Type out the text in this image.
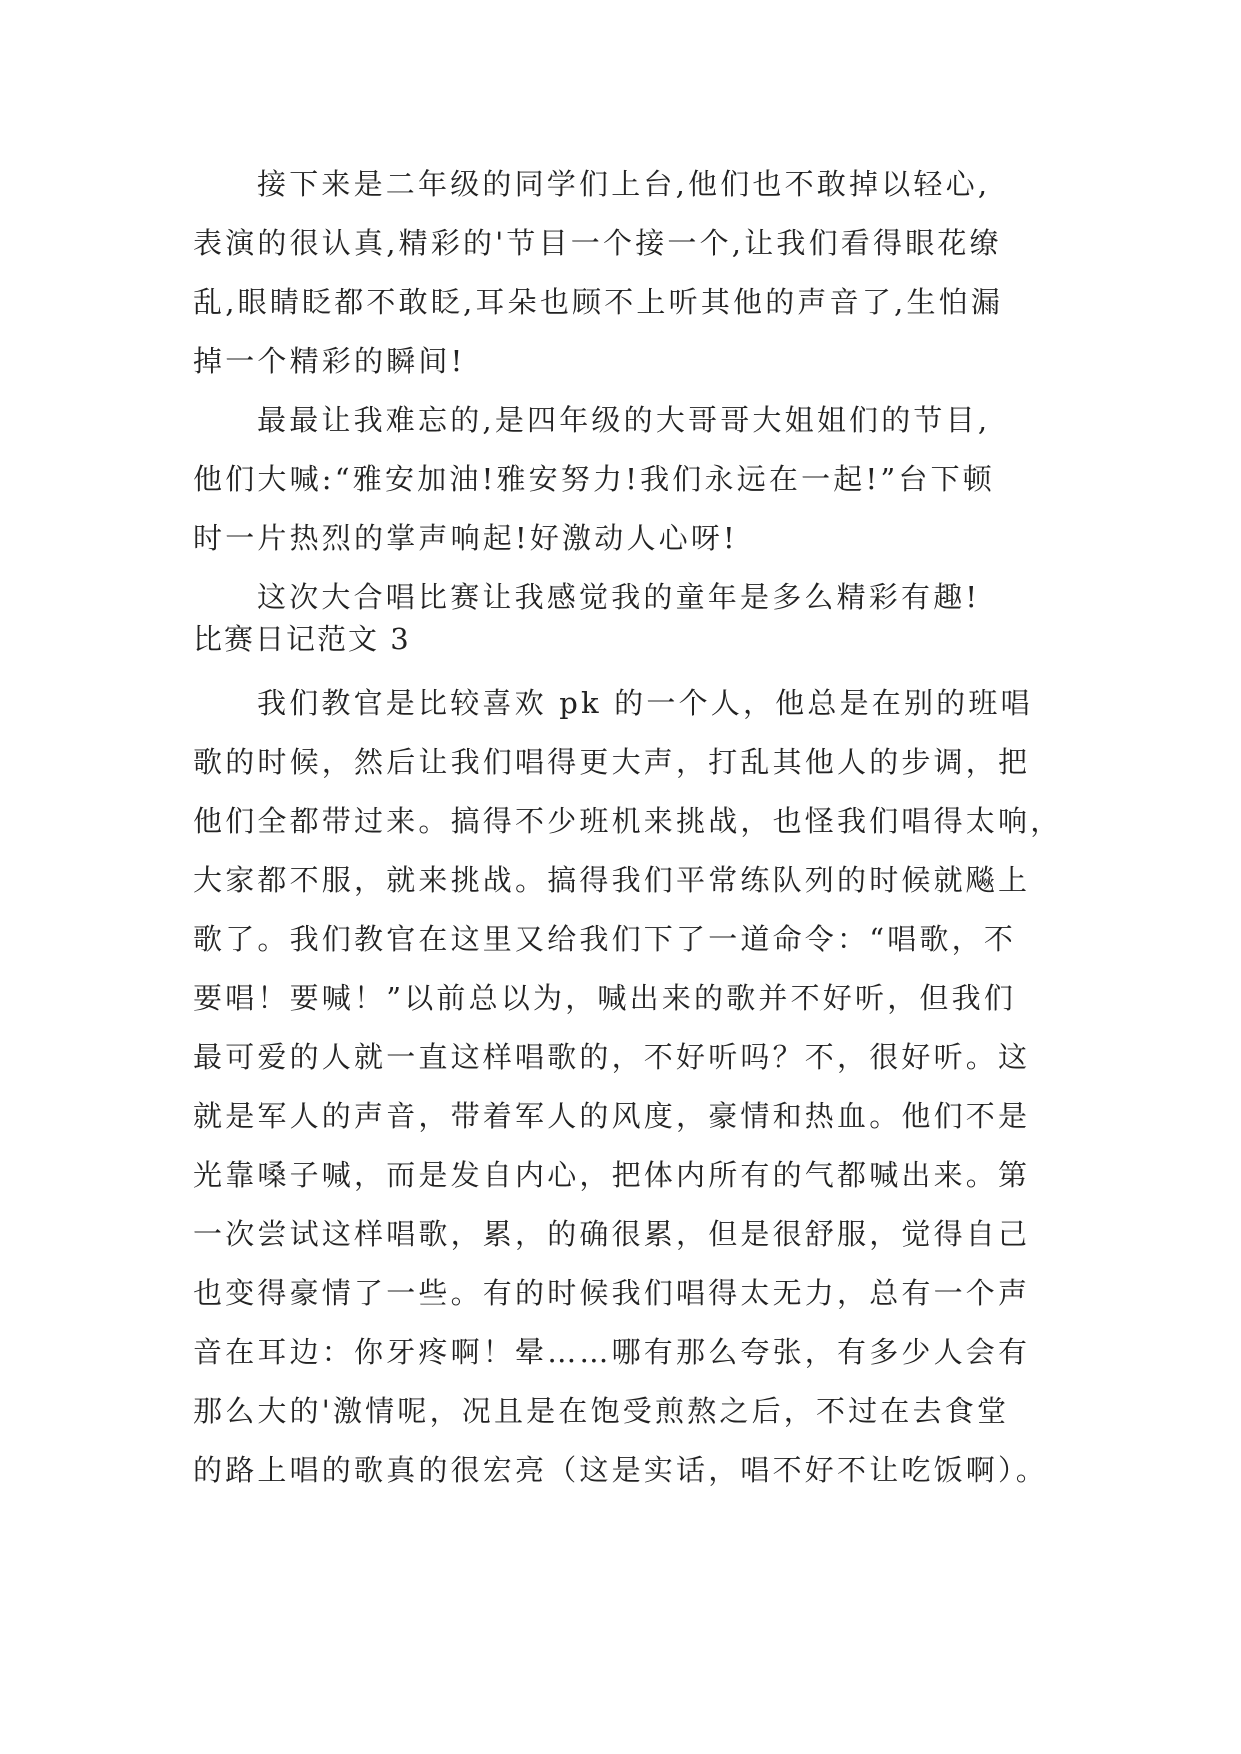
接下来是二年级的同学们上台,他们也不敢掉以轻心,
表演的很认真,精彩的'节目一个接一个,让我们看得眼花缭
乱,眼睛眨都不敢眨,耳朵也顾不上听其他的声音了,生怕漏
掉一个精彩的瞬间!
最最让我难忘的,是四年级的大哥哥大姐姐们的节目,
他们大喊:“雅安加油!雅安努力!我们永远在一起!”台下顿
时一片热烈的掌声响起!好激动人心呀!
这次大合唱比赛让我感觉我的童年是多么精彩有趣!
比赛日记范文 3
我们教官是比较喜欢 pk 的一个人，他总是在别的班唱
歌的时候，然后让我们唱得更大声，打乱其他人的步调，把
他们全都带过来。搞得不少班机来挑战，也怪我们唱得太响，
大家都不服，就来挑战。搞得我们平常练队列的时候就飚上
歌了。我们教官在这里又给我们下了一道命令：“唱歌，不
要唱！要喊！”以前总以为，喊出来的歌并不好听，但我们
最可爱的人就一直这样唱歌的，不好听吗？不，很好听。这
就是军人的声音，带着军人的风度，豪情和热血。他们不是
光靠嗓子喊，而是发自内心，把体内所有的气都喊出来。第
一次尝试这样唱歌，累，的确很累，但是很舒服，觉得自己
也变得豪情了一些。有的时候我们唱得太无力，总有一个声
音在耳边：你牙疼啊！晕……哪有那么夸张，有多少人会有
那么大的'激情呢，况且是在饱受煎熬之后，不过在去食堂
的路上唱的歌真的很宏亮（这是实话，唱不好不让吃饭啊）。
